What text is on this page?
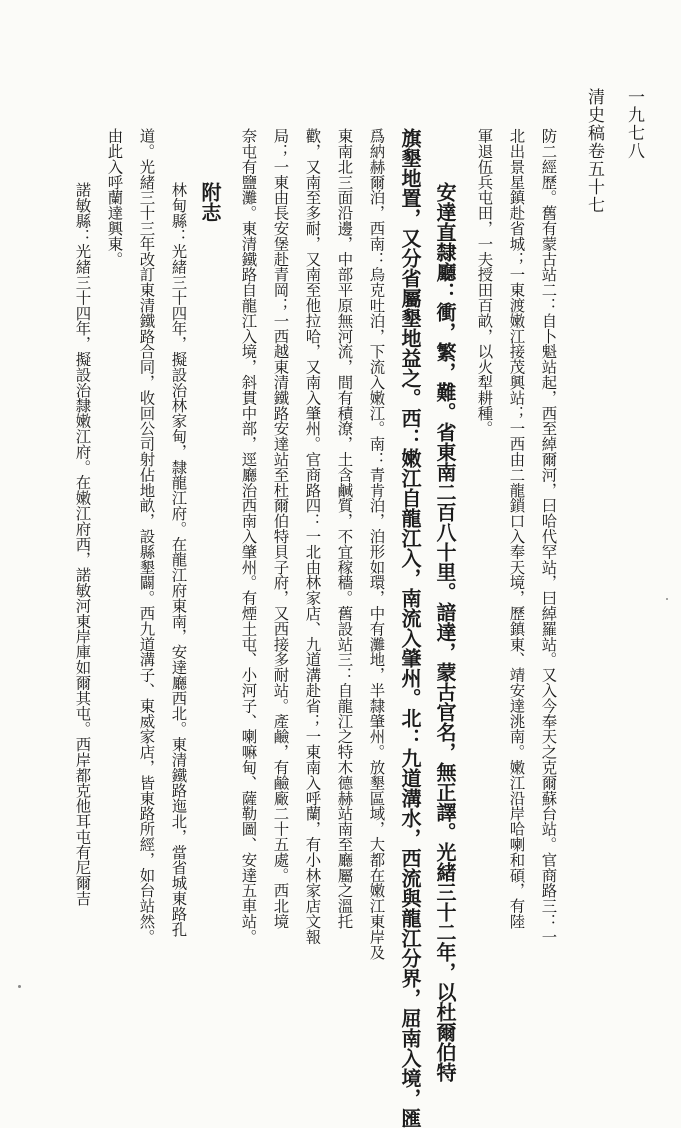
清史稿卷五十七 一九七八
防二經歷。舊有蒙古站二：自卜魁站起，西至綽爾河，曰哈代罕站，曰綽羅站。又入今奉天之克爾蘇台站。官商路三：一
北出景星鎮赴省城；一東渡嫩江接茂興站；一西由二龍鎖口入奉天境，歷鎮東、靖安達洮南。嫩江沿岸哈喇和碩，有陸
軍退伍兵屯田，一夫授田百畝，以火犁耕種。
安達直隸廳：衝，繁，難。省東南二百八十里。諳達，蒙古官名，無正譯。光緒三十二年，以杜爾伯特
旗墾地置，又分省屬墾地益之。西：嫩江自龍江入，南流入肇州。北：九道溝水，西流與龍江分界，屈南入境，匯
爲納赫爾泊，西南：烏克吐泊，下流入嫩江。南：青肯泊，泊形如環，中有灘地，半隸肇州。放墾區域，大都在嫩江東岸及
東南北三面沿邊，中部平原無河流，間有積潦，土含鹹質，不宜稼穡。舊設站三：自龍江之特木德赫站南至廳屬之溫托
歡，又南至多耐，又南至他拉哈，又南入肇州。官商路四：一北由林家店、九道溝赴省；一東南入呼蘭，有小林家店文報
局；一東由長安堡赴青岡；一西越東清鐵路安達站至杜爾伯特貝子府，又西接多耐站。產鹼，有鹼廠二十五處。西北境
奈屯有鹽灘。東清鐵路自龍江入境，斜貫中部，逕廳治西南入肇州。有煙土屯、小河子、喇嘛甸、薩勒圖、安達五車站。
附志
林甸縣：光緒三十四年，擬設治林家甸，隸龍江府。在龍江府東南，安達廳西北。東清鐵路迤北，當省城東路孔
道。光緒三十三年改訂東清鐵路合同，收回公司射佔地畝，設縣墾闢。西九道溝子、東威家店，皆東路所經，如台站然。
由此入呼蘭達興東。
諾敏縣：光緒三十四年，擬設治隸嫩江府。在嫩江府西，諾敏河東岸庫如爾其屯。西岸都克他耳屯有尼爾吉
